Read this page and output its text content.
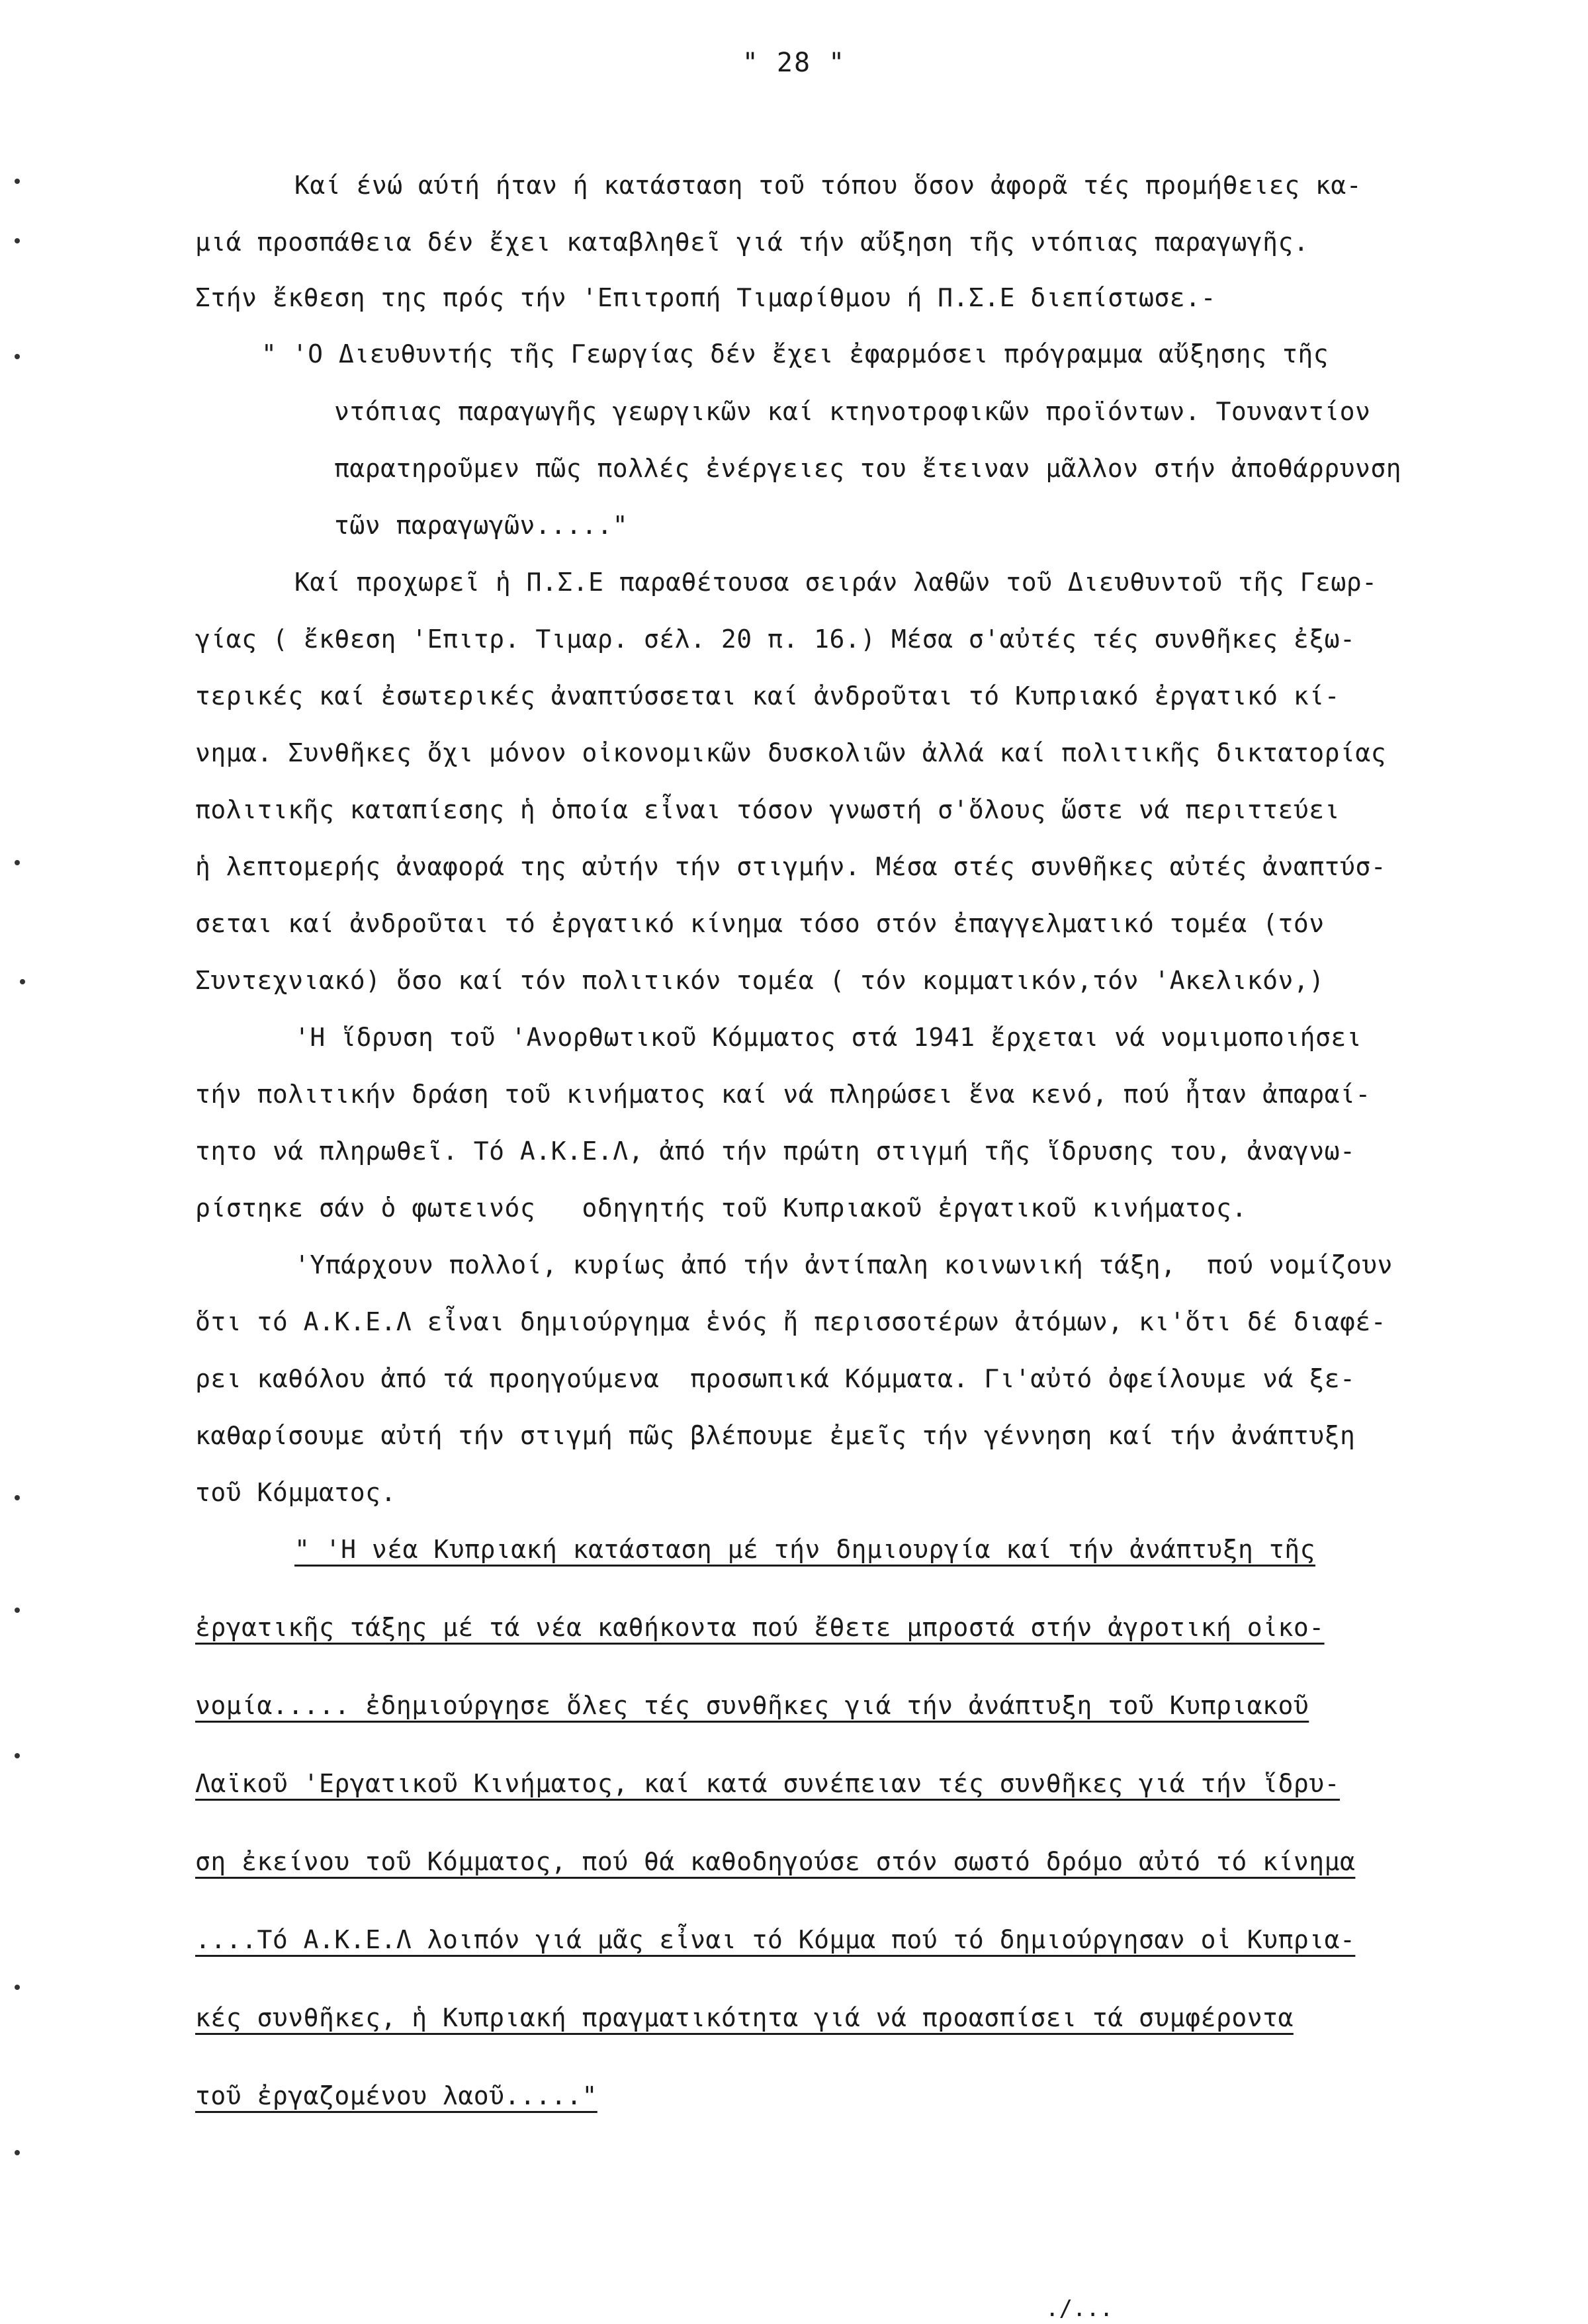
" 28 "
Καί ένώ αύτή ήταν ή κατάσταση τοῦ τόπου ὅσον ἀφορᾶ τές προμήθειες κα-
μιά προσπάθεια δέν ἔχει καταβληθεῖ γιά τήν αὔξηση τῆς ντόπιας παραγωγῆς.
Στήν ἔκθεση της πρός τήν 'Επιτροπή Τιμαρίθμου ή Π.Σ.Ε διεπίστωσε.-
" 'Ο Διευθυντής τῆς Γεωργίας δέν ἔχει ἐφαρμόσει πρόγραμμα αὔξησης τῆς
ντόπιας παραγωγῆς γεωργικῶν καί κτηνοτροφικῶν προϊόντων. Τουναντίον
παρατηροῦμεν πῶς πολλές ἐνέργειες του ἔτειναν μᾶλλον στήν ἀποθάρρυνση
τῶν παραγωγῶν....."
Καί προχωρεῖ ἡ Π.Σ.Ε παραθέτουσα σειράν λαθῶν τοῦ Διευθυντοῦ τῆς Γεωρ-
γίας ( ἔκθεση 'Επιτρ. Τιμαρ. σέλ. 20 π. 16.) Μέσα σ'αὐτές τές συνθῆκες ἐξω-
τερικές καί ἐσωτερικές ἀναπτύσσεται καί ἀνδροῦται τό Κυπριακό ἐργατικό κί-
νημα. Συνθῆκες ὄχι μόνον οἰκονομικῶν δυσκολιῶν ἀλλά καί πολιτικῆς δικτατορίας
πολιτικῆς καταπίεσης ἡ ὁποία εἶναι τόσον γνωστή σ'ὅλους ὥστε νά περιττεύει
ἡ λεπτομερής ἀναφορά της αὐτήν τήν στιγμήν. Μέσα στές συνθῆκες αὐτές ἀναπτύσ-
σεται καί ἀνδροῦται τό ἐργατικό κίνημα τόσο στόν ἐπαγγελματικό τομέα (τόν
Συντεχνιακό) ὅσο καί τόν πολιτικόν τομέα ( τόν κομματικόν,τόν 'Ακελικόν,)
'Η ἵδρυση τοῦ 'Ανορθωτικοῦ Κόμματος στά 1941 ἔρχεται νά νομιμοποιήσει
τήν πολιτικήν δράση τοῦ κινήματος καί νά πληρώσει ἕνα κενό, πού ἦταν ἀπαραί-
τητο νά πληρωθεῖ. Τό Α.Κ.Ε.Λ, ἀπό τήν πρώτη στιγμή τῆς ἵδρυσης του, ἀναγνω-
ρίστηκε σάν ὁ φωτεινός   οδηγητής τοῦ Κυπριακοῦ ἐργατικοῦ κινήματος.
'Υπάρχουν πολλοί, κυρίως ἀπό τήν ἀντίπαλη κοινωνική τάξη,  πού νομίζουν
ὅτι τό Α.Κ.Ε.Λ εἶναι δημιούργημα ἑνός ἤ περισσοτέρων ἀτόμων, κι'ὅτι δέ διαφέ-
ρει καθόλου ἀπό τά προηγούμενα  προσωπικά Κόμματα. Γι'αὐτό ὀφείλουμε νά ξε-
καθαρίσουμε αὐτή τήν στιγμή πῶς βλέπουμε ἐμεῖς τήν γέννηση καί τήν ἀνάπτυξη
τοῦ Κόμματος.
" 'Η νέα Κυπριακή κατάσταση μέ τήν δημιουργία καί τήν ἀνάπτυξη τῆς
ἐργατικῆς τάξης μέ τά νέα καθήκοντα πού ἔθετε μπροστά στήν ἀγροτική οἰκο-
νομία..... ἐδημιούργησε ὅλες τές συνθῆκες γιά τήν ἀνάπτυξη τοῦ Κυπριακοῦ
Λαϊκοῦ 'Εργατικοῦ Κινήματος, καί κατά συνέπειαν τές συνθῆκες γιά τήν ἵδρυ-
ση ἐκείνου τοῦ Κόμματος, πού θά καθοδηγούσε στόν σωστό δρόμο αὐτό τό κίνημα
....Τό Α.Κ.Ε.Λ λοιπόν γιά μᾶς εἶναι τό Κόμμα πού τό δημιούργησαν οἱ Κυπρια-
κές συνθῆκες, ἡ Κυπριακή πραγματικότητα γιά νά προασπίσει τά συμφέροντα
τοῦ ἐργαζομένου λαοῦ....."
./...
